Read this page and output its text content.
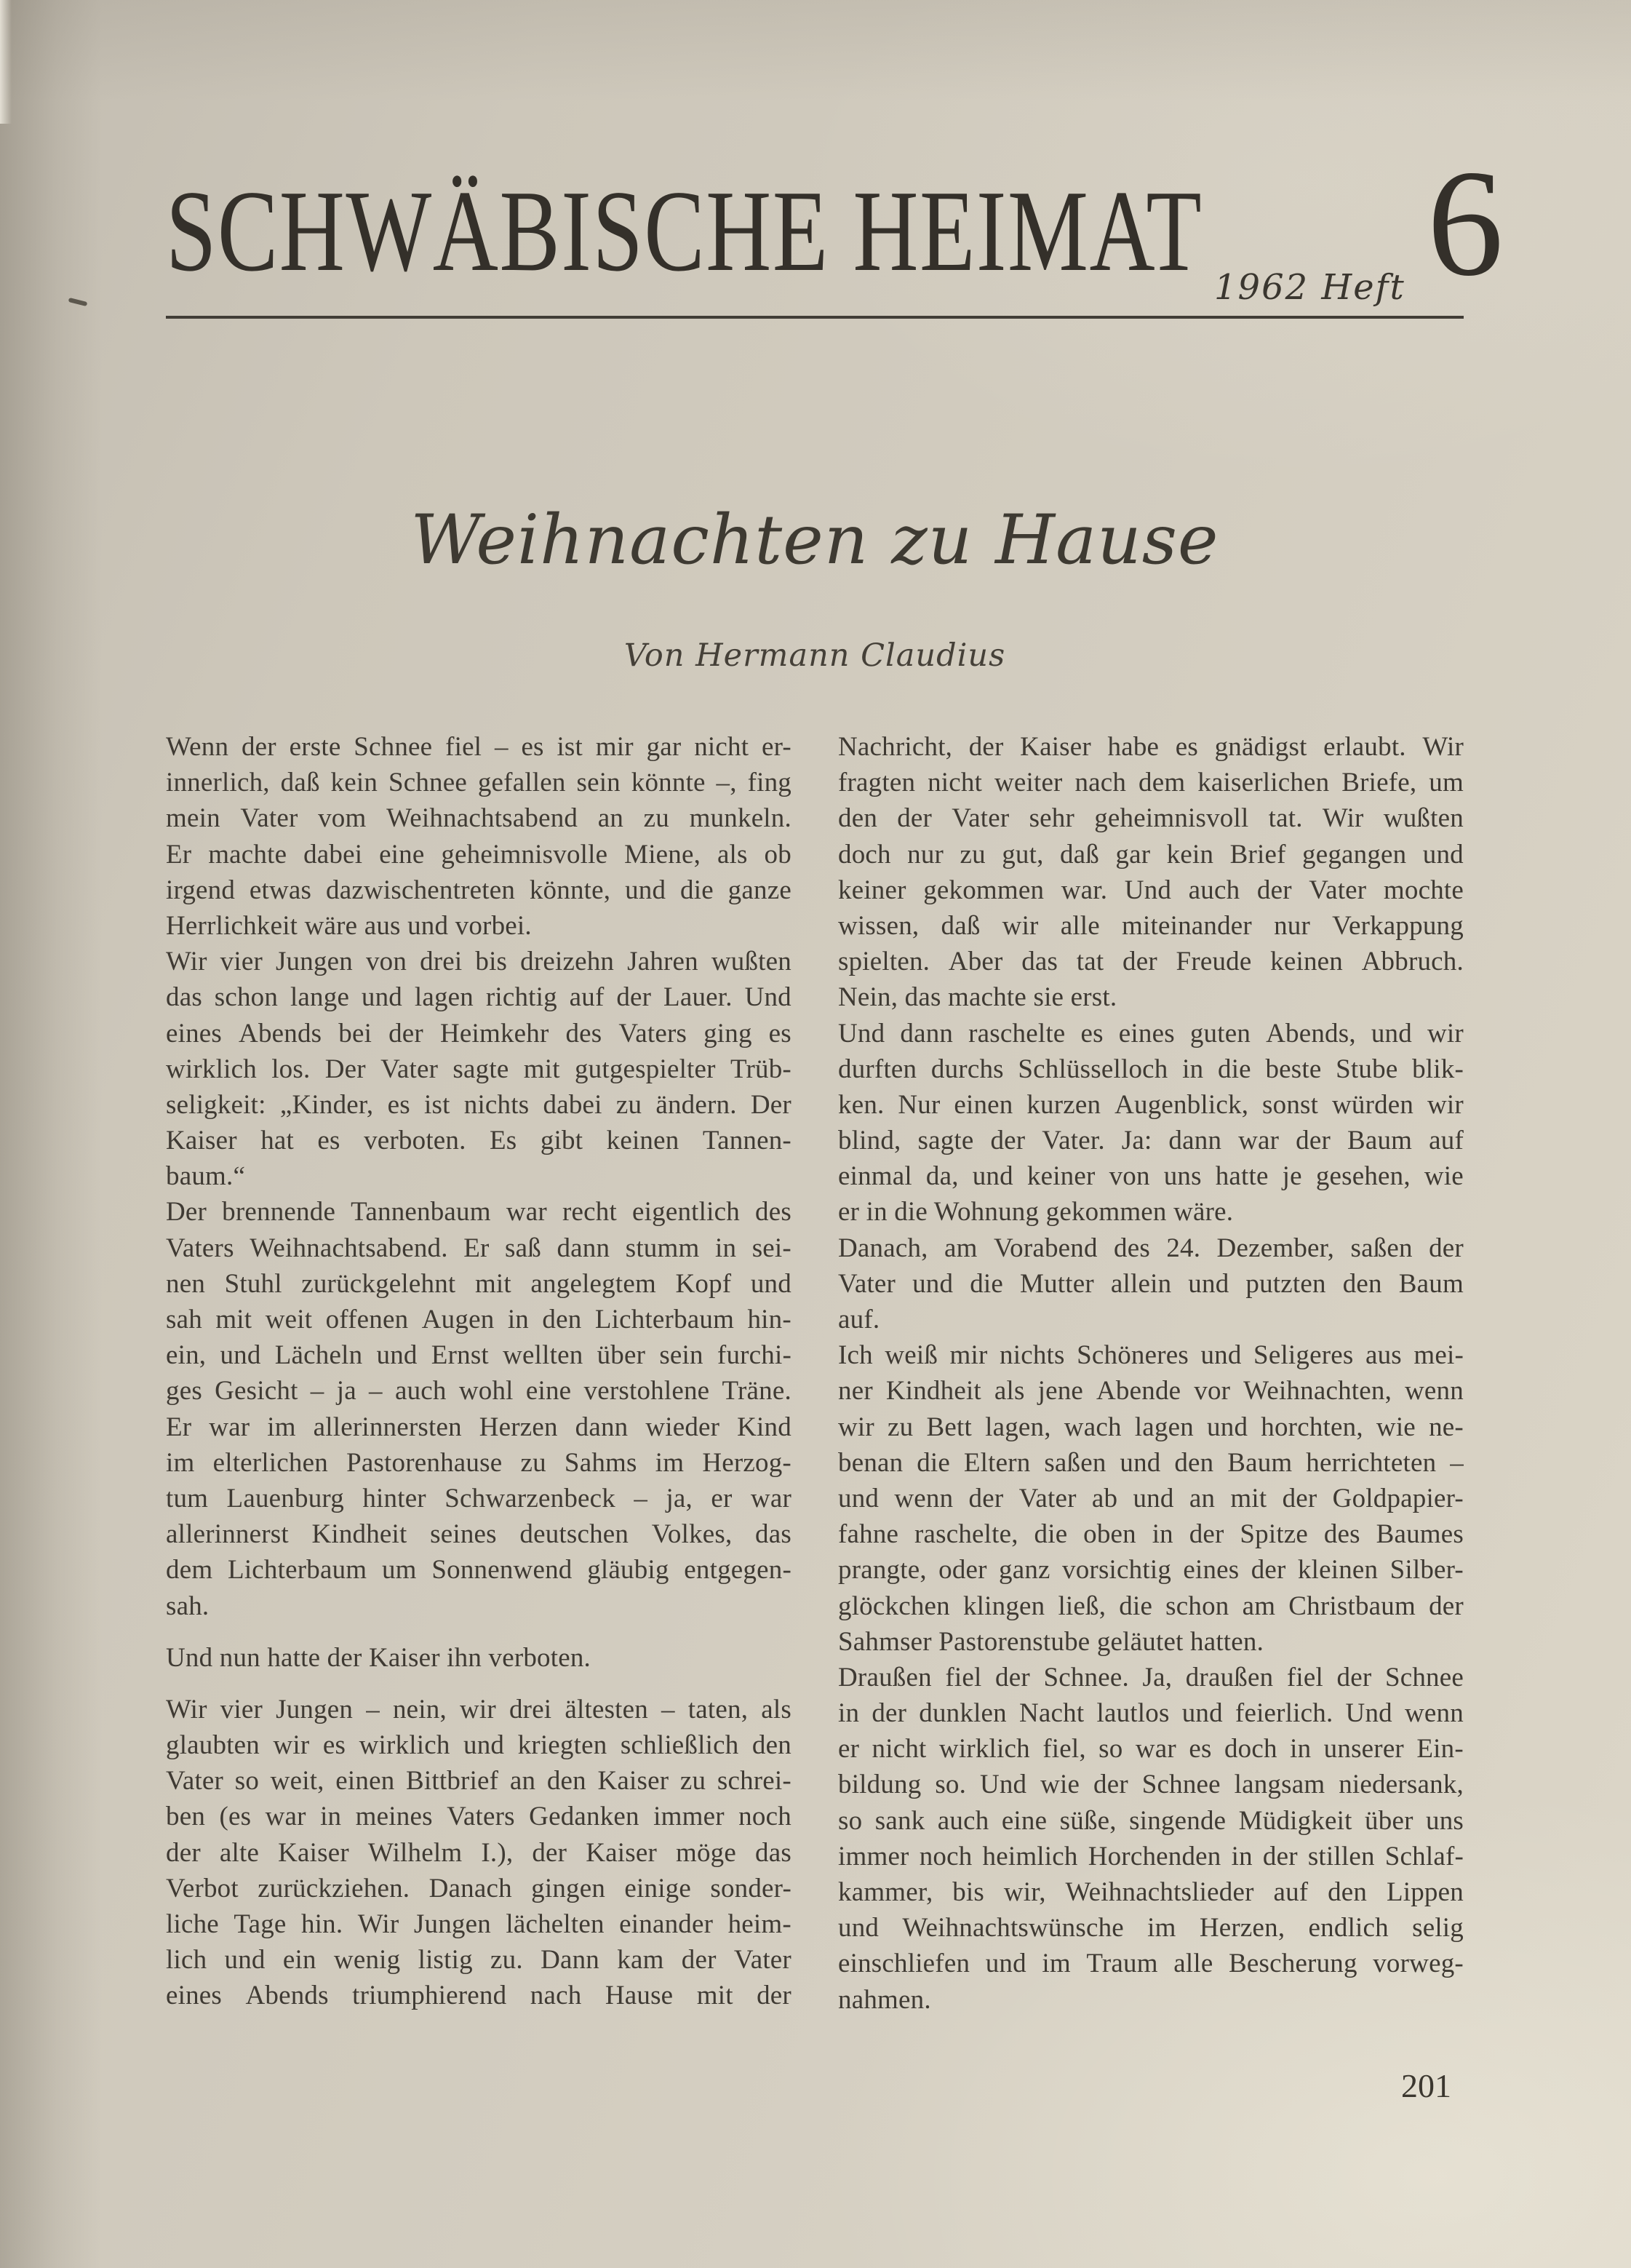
SCHWÄBISCHE HEIMAT 1962 Heft 6
Weihnachten zu Hause
Von Hermann Claudius
Wenn der erste Schnee fiel – es ist mir gar nicht er-
innerlich, daß kein Schnee gefallen sein könnte –, fing
mein Vater vom Weihnachtsabend an zu munkeln.
Er machte dabei eine geheimnisvolle Miene, als ob
irgend etwas dazwischentreten könnte, und die ganze
Herrlichkeit wäre aus und vorbei.
Wir vier Jungen von drei bis dreizehn Jahren wußten
das schon lange und lagen richtig auf der Lauer. Und
eines Abends bei der Heimkehr des Vaters ging es
wirklich los. Der Vater sagte mit gutgespielter Trüb-
seligkeit: „Kinder, es ist nichts dabei zu ändern. Der
Kaiser hat es verboten. Es gibt keinen Tannen-
baum.“
Der brennende Tannenbaum war recht eigentlich des
Vaters Weihnachtsabend. Er saß dann stumm in sei-
nen Stuhl zurückgelehnt mit angelegtem Kopf und
sah mit weit offenen Augen in den Lichterbaum hin-
ein, und Lächeln und Ernst wellten über sein furchi-
ges Gesicht – ja – auch wohl eine verstohlene Träne.
Er war im allerinnersten Herzen dann wieder Kind
im elterlichen Pastorenhause zu Sahms im Herzog-
tum Lauenburg hinter Schwarzenbeck – ja, er war
allerinnerst Kindheit seines deutschen Volkes, das
dem Lichterbaum um Sonnenwend gläubig entgegen-
sah.
Und nun hatte der Kaiser ihn verboten.
Wir vier Jungen – nein, wir drei ältesten – taten, als
glaubten wir es wirklich und kriegten schließlich den
Vater so weit, einen Bittbrief an den Kaiser zu schrei-
ben (es war in meines Vaters Gedanken immer noch
der alte Kaiser Wilhelm I.), der Kaiser möge das
Verbot zurückziehen. Danach gingen einige sonder-
liche Tage hin. Wir Jungen lächelten einander heim-
lich und ein wenig listig zu. Dann kam der Vater
eines Abends triumphierend nach Hause mit der
Nachricht, der Kaiser habe es gnädigst erlaubt. Wir
fragten nicht weiter nach dem kaiserlichen Briefe, um
den der Vater sehr geheimnisvoll tat. Wir wußten
doch nur zu gut, daß gar kein Brief gegangen und
keiner gekommen war. Und auch der Vater mochte
wissen, daß wir alle miteinander nur Verkappung
spielten. Aber das tat der Freude keinen Abbruch.
Nein, das machte sie erst.
Und dann raschelte es eines guten Abends, und wir
durften durchs Schlüsselloch in die beste Stube blik-
ken. Nur einen kurzen Augenblick, sonst würden wir
blind, sagte der Vater. Ja: dann war der Baum auf
einmal da, und keiner von uns hatte je gesehen, wie
er in die Wohnung gekommen wäre.
Danach, am Vorabend des 24. Dezember, saßen der
Vater und die Mutter allein und putzten den Baum
auf.
Ich weiß mir nichts Schöneres und Seligeres aus mei-
ner Kindheit als jene Abende vor Weihnachten, wenn
wir zu Bett lagen, wach lagen und horchten, wie ne-
benan die Eltern saßen und den Baum herrichteten –
und wenn der Vater ab und an mit der Goldpapier-
fahne raschelte, die oben in der Spitze des Baumes
prangte, oder ganz vorsichtig eines der kleinen Silber-
glöckchen klingen ließ, die schon am Christbaum der
Sahmser Pastorenstube geläutet hatten.
Draußen fiel der Schnee. Ja, draußen fiel der Schnee
in der dunklen Nacht lautlos und feierlich. Und wenn
er nicht wirklich fiel, so war es doch in unserer Ein-
bildung so. Und wie der Schnee langsam niedersank,
so sank auch eine süße, singende Müdigkeit über uns
immer noch heimlich Horchenden in der stillen Schlaf-
kammer, bis wir, Weihnachtslieder auf den Lippen
und Weihnachtswünsche im Herzen, endlich selig
einschliefen und im Traum alle Bescherung vorweg-
nahmen.
201
